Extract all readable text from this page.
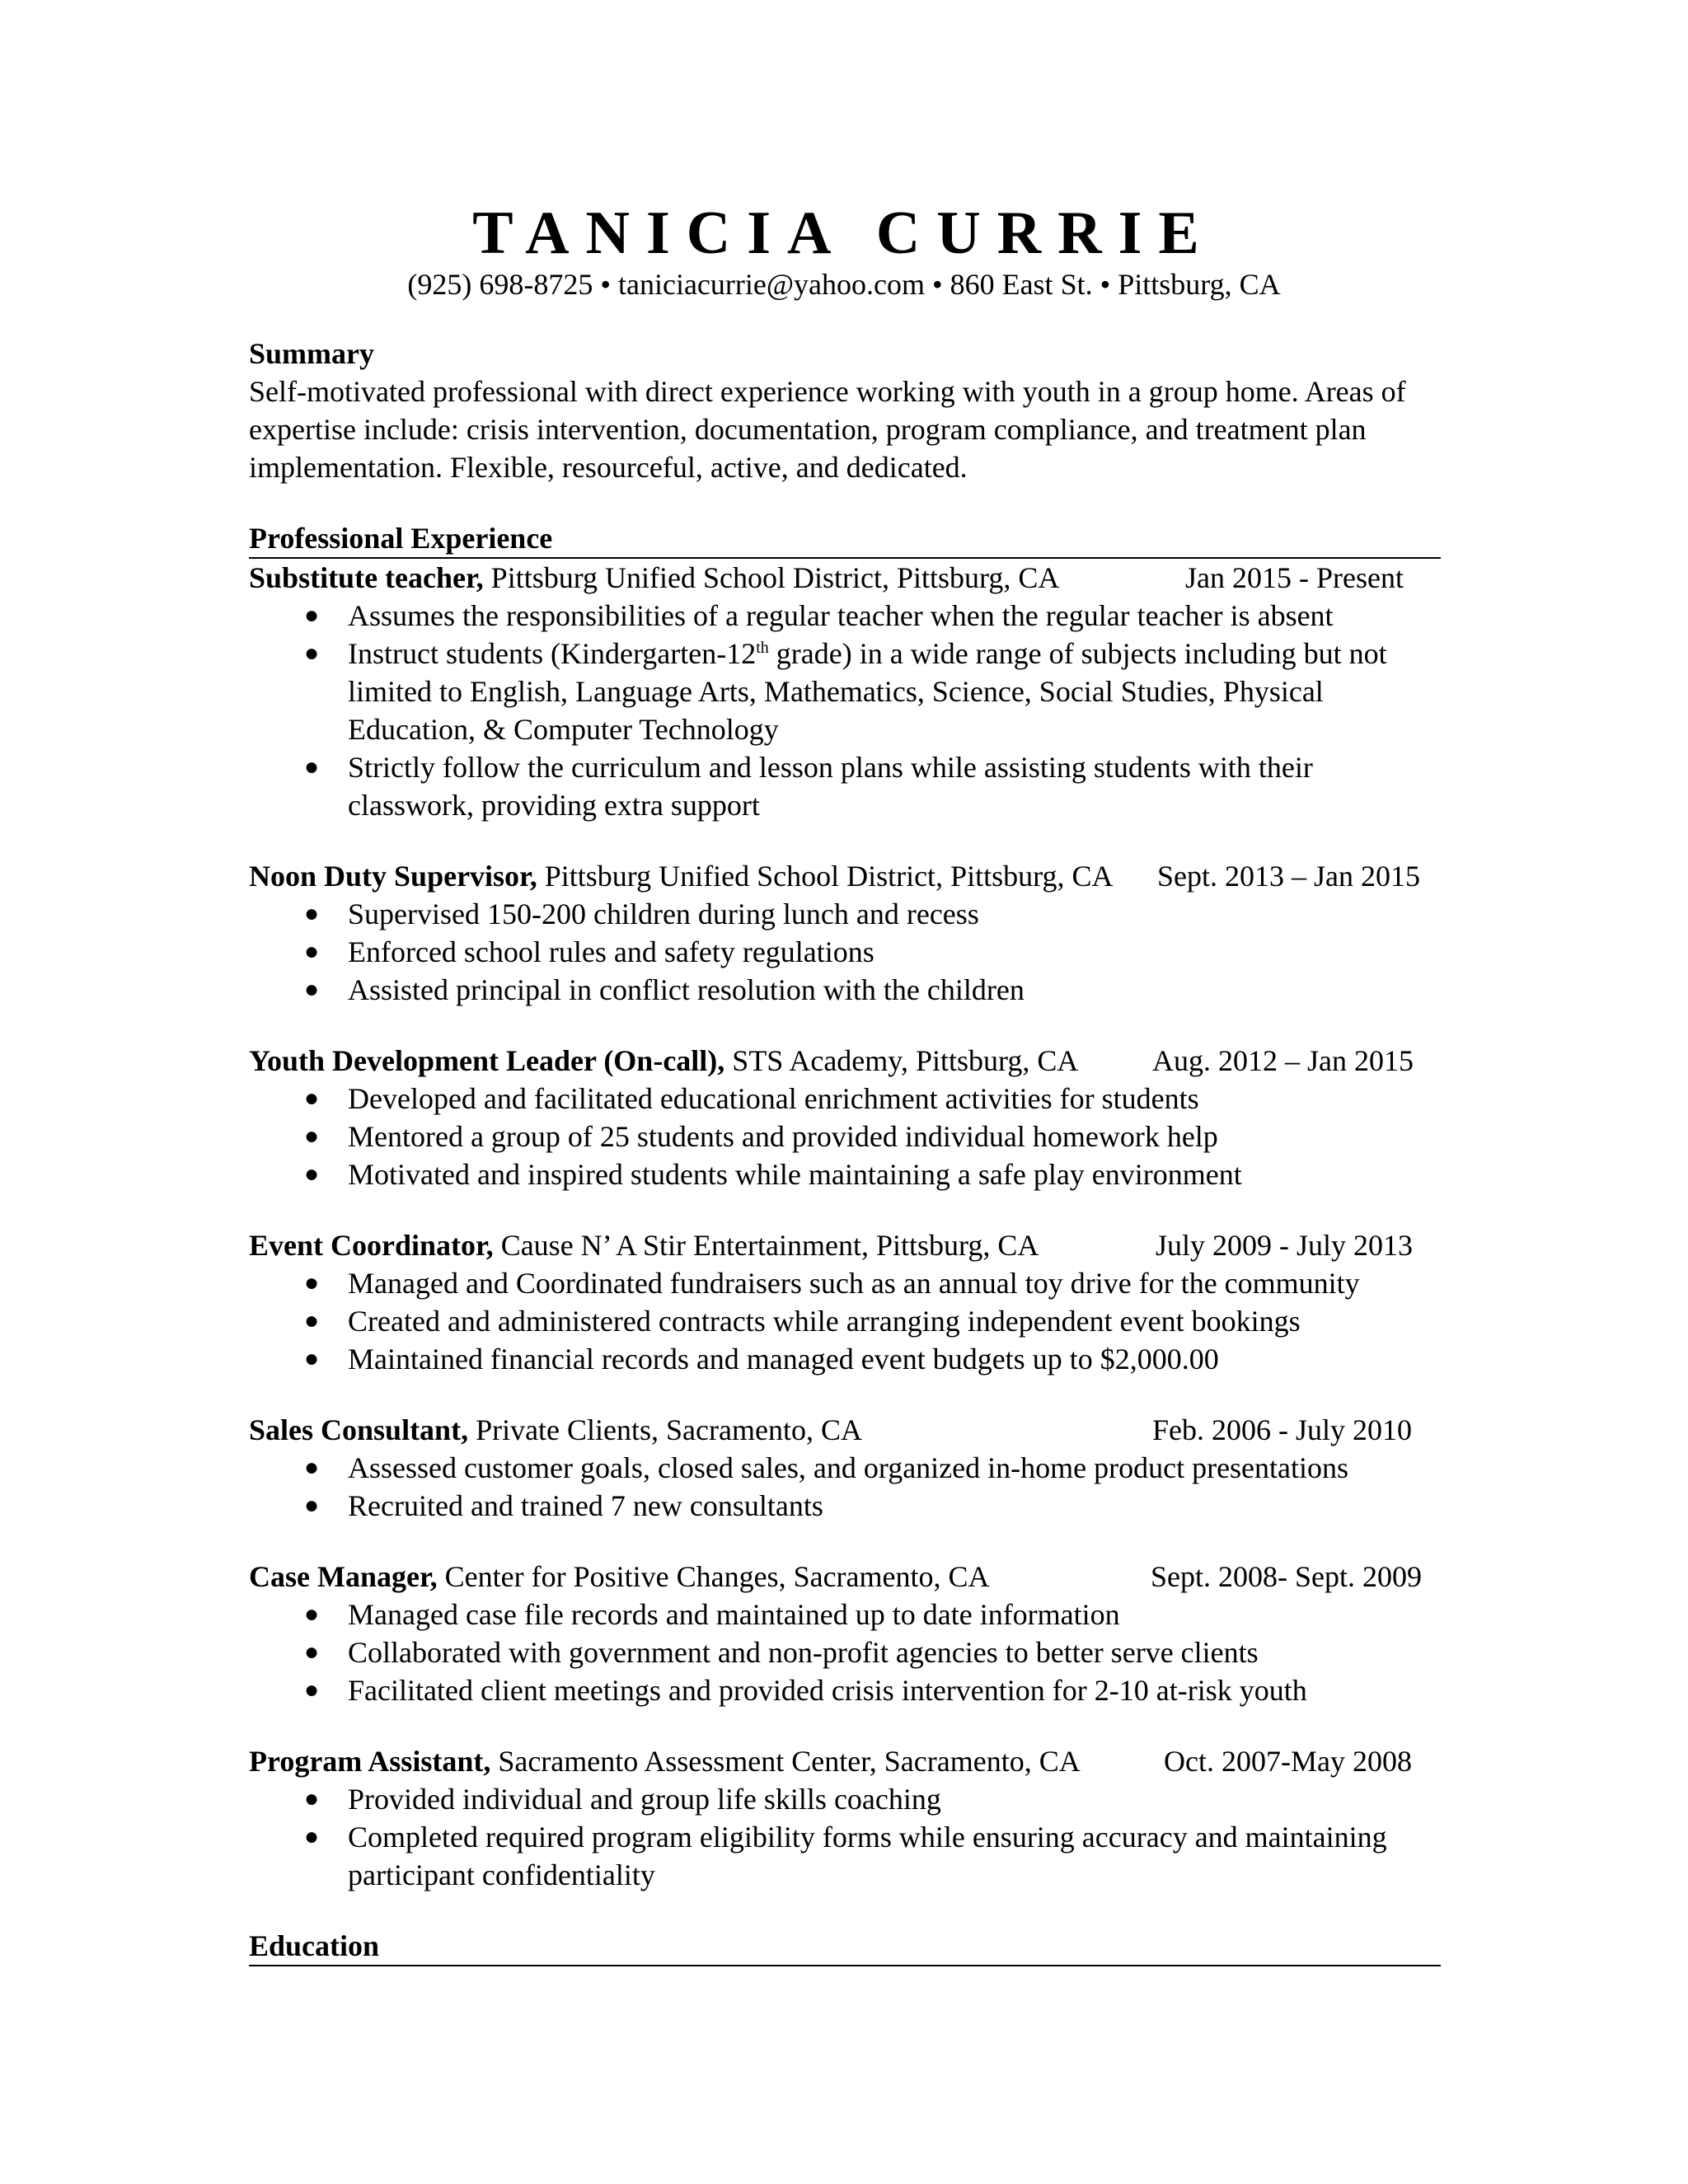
TANICIA CURRIE
(925) 698-8725 • taniciacurrie@yahoo.com • 860 East St. • Pittsburg, CA
Summary

Self-motivated professional with direct experience working with youth in a group home. Areas of expertise include: crisis intervention, documentation, program compliance, and treatment plan implementation. Flexible, resourceful, active, and dedicated.

Professional Experience
Substitute teacher, Pittsburg Unified School District, Pittsburg, CA	Jan 2015 - Present
● Assumes the responsibilities of a regular teacher when the regular teacher is absent
● Instruct students (Kindergarten-12th grade) in a wide range of subjects including but not limited to English, Language Arts, Mathematics, Science, Social Studies, Physical Education, & Computer Technology
● Strictly follow the curriculum and lesson plans while assisting students with their classwork, providing extra support
Noon Duty Supervisor, Pittsburg Unified School District, Pittsburg, CA Sept. 2013 – Jan 2015
● Supervised 150-200 children during lunch and recess
● Enforced school rules and safety regulations
● Assisted principal in conflict resolution with the children
Youth Development Leader (On-call), STS Academy, Pittsburg, CA Aug. 2012 – Jan 2015
● Developed and facilitated educational enrichment activities for students
● Mentored a group of 25 students and provided individual homework help
● Motivated and inspired students while maintaining a safe play environment
Event Coordinator, Cause N’ A Stir Entertainment, Pittsburg, CA	July 2009 - July 2013
● Managed and Coordinated fundraisers such as an annual toy drive for the community
● Created and administered contracts while arranging independent event bookings
● Maintained financial records and managed event budgets up to $2,000.00
Sales Consultant, Private Clients, Sacramento, CA	Feb. 2006 - July 2010
● Assessed customer goals, closed sales, and organized in-home product presentations
● Recruited and trained 7 new consultants
Case Manager, Center for Positive Changes, Sacramento, CA	Sept. 2008- Sept. 2009
● Managed case file records and maintained up to date information
● Collaborated with government and non-profit agencies to better serve clients
● Facilitated client meetings and provided crisis intervention for 2-10 at-risk youth
Program Assistant, Sacramento Assessment Center, Sacramento, CA	Oct. 2007-May 2008
● Provided individual and group life skills coaching
● Completed required program eligibility forms while ensuring accuracy and maintaining participant confidentiality
Education
